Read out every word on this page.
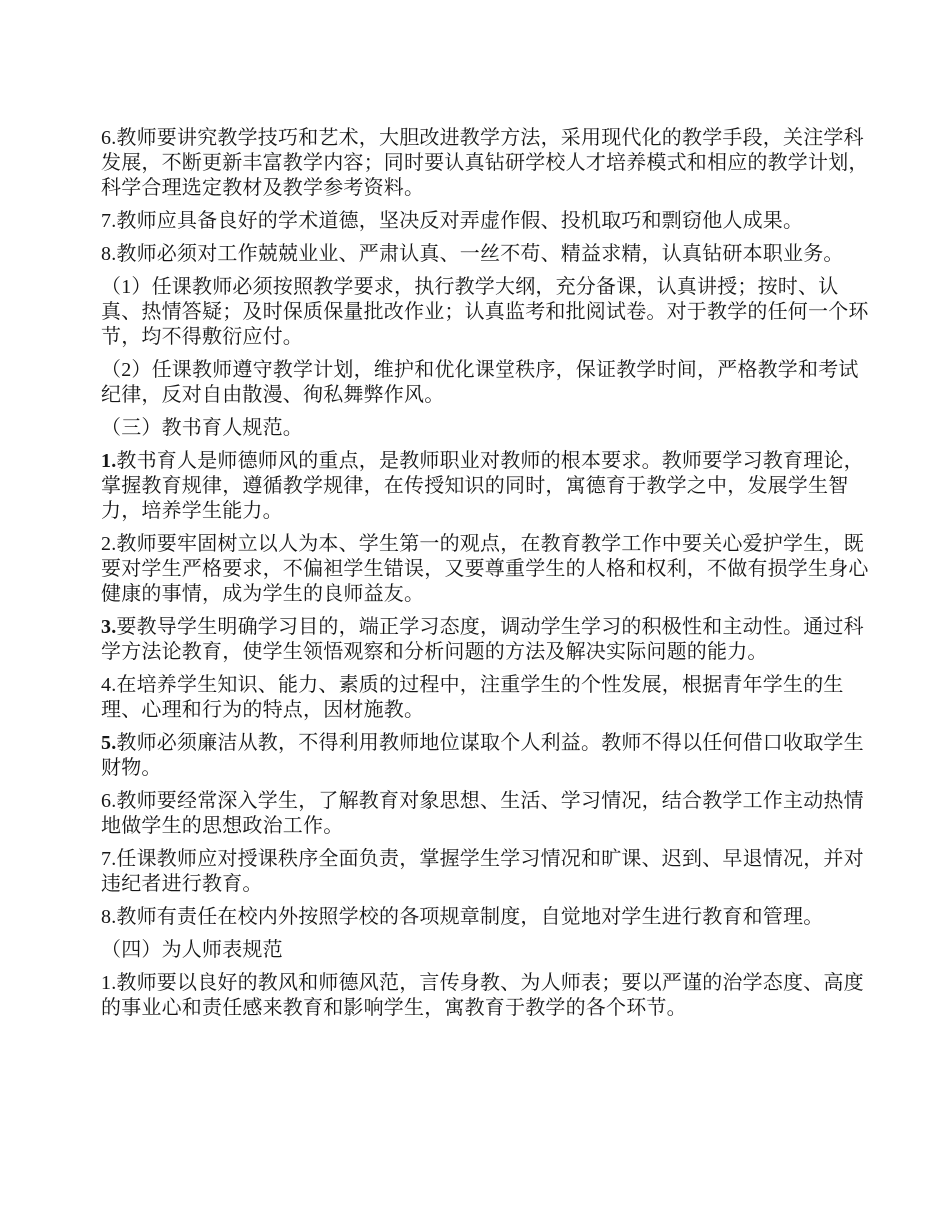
6.教师要讲究教学技巧和艺术，大胆改进教学方法，采用现代化的教学手段，关注学科发展，不断更新丰富教学内容；同时要认真钻研学校人才培养模式和相应的教学计划，科学合理选定教材及教学参考资料。

7.教师应具备良好的学术道德，坚决反对弄虚作假、投机取巧和剽窃他人成果。

8.教师必须对工作兢兢业业、严肃认真、一丝不苟、精益求精，认真钻研本职业务。

（1）任课教师必须按照教学要求，执行教学大纲，充分备课，认真讲授；按时、认真、热情答疑；及时保质保量批改作业；认真监考和批阅试卷。对于教学的任何一个环节，均不得敷衍应付。

（2）任课教师遵守教学计划，维护和优化课堂秩序，保证教学时间，严格教学和考试纪律，反对自由散漫、徇私舞弊作风。

（三）教书育人规范。

1.教书育人是师德师风的重点，是教师职业对教师的根本要求。教师要学习教育理论，掌握教育规律，遵循教学规律，在传授知识的同时，寓德育于教学之中，发展学生智力，培养学生能力。

2.教师要牢固树立以人为本、学生第一的观点，在教育教学工作中要关心爱护学生，既要对学生严格要求，不偏袒学生错误，又要尊重学生的人格和权利，不做有损学生身心健康的事情，成为学生的良师益友。

3.要教导学生明确学习目的，端正学习态度，调动学生学习的积极性和主动性。通过科学方法论教育，使学生领悟观察和分析问题的方法及解决实际问题的能力。

4.在培养学生知识、能力、素质的过程中，注重学生的个性发展，根据青年学生的生理、心理和行为的特点，因材施教。

5.教师必须廉洁从教，不得利用教师地位谋取个人利益。教师不得以任何借口收取学生财物。

6.教师要经常深入学生，了解教育对象思想、生活、学习情况，结合教学工作主动热情地做学生的思想政治工作。

7.任课教师应对授课秩序全面负责，掌握学生学习情况和旷课、迟到、早退情况，并对违纪者进行教育。

8.教师有责任在校内外按照学校的各项规章制度，自觉地对学生进行教育和管理。

（四）为人师表规范

1.教师要以良好的教风和师德风范，言传身教、为人师表；要以严谨的治学态度、高度的事业心和责任感来教育和影响学生，寓教育于教学的各个环节。
